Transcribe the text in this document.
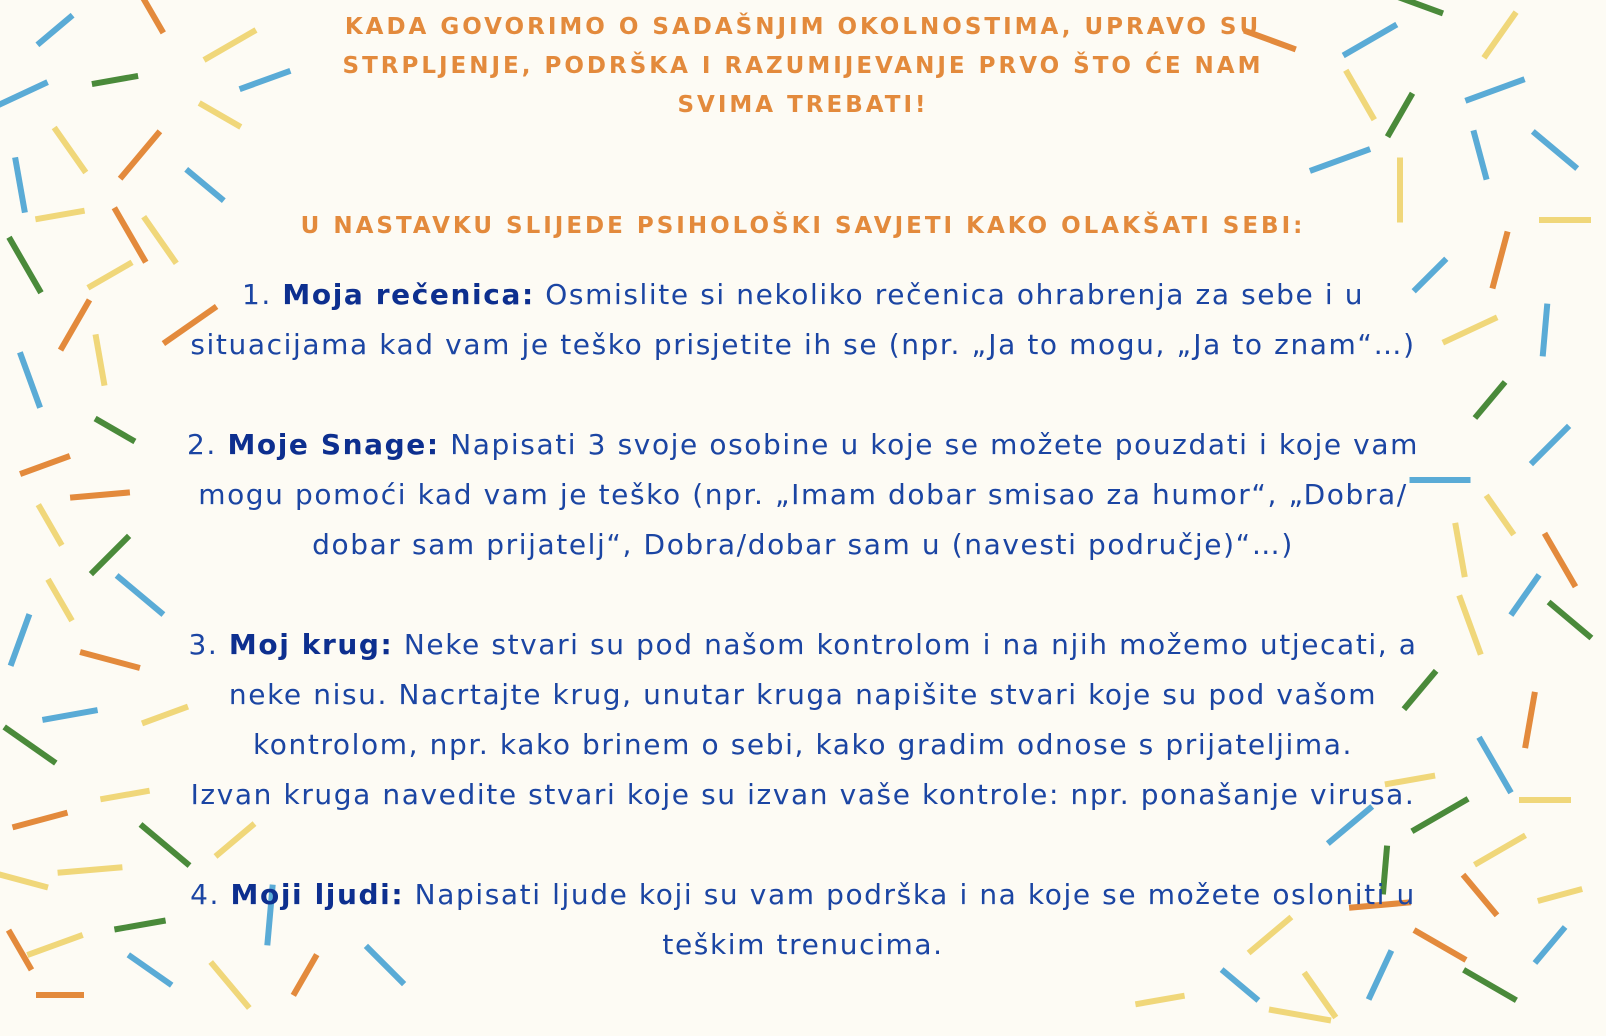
KADA GOVORIMO O SADAŠNJIM OKOLNOSTIMA, UPRAVO SU
STRPLJENJE, PODRŠKA I RAZUMIJEVANJE PRVO ŠTO ĆE NAM
SVIMA TREBATI!
U NASTAVKU SLIJEDE PSIHOLOŠKI SAVJETI KAKO OLAKŠATI SEBI:
1. Moja rečenica: Osmislite si nekoliko rečenica ohrabrenja za sebe i u
situacijama kad vam je teško prisjetite ih se (npr. „Ja to mogu, „Ja to znam“…)
2. Moje Snage: Napisati 3 svoje osobine u koje se možete pouzdati i koje vam
mogu pomoći kad vam je teško (npr. „Imam dobar smisao za humor“, „Dobra/
dobar sam prijatelj“, Dobra/dobar sam u (navesti područje)“…)
3. Moj krug: Neke stvari su pod našom kontrolom i na njih možemo utjecati, a
neke nisu. Nacrtajte krug, unutar kruga napišite stvari koje su pod vašom
kontrolom, npr. kako brinem o sebi, kako gradim odnose s prijateljima.
Izvan kruga navedite stvari koje su izvan vaše kontrole: npr. ponašanje virusa.
4. Moji ljudi: Napisati ljude koji su vam podrška i na koje se možete osloniti u
teškim trenucima.
